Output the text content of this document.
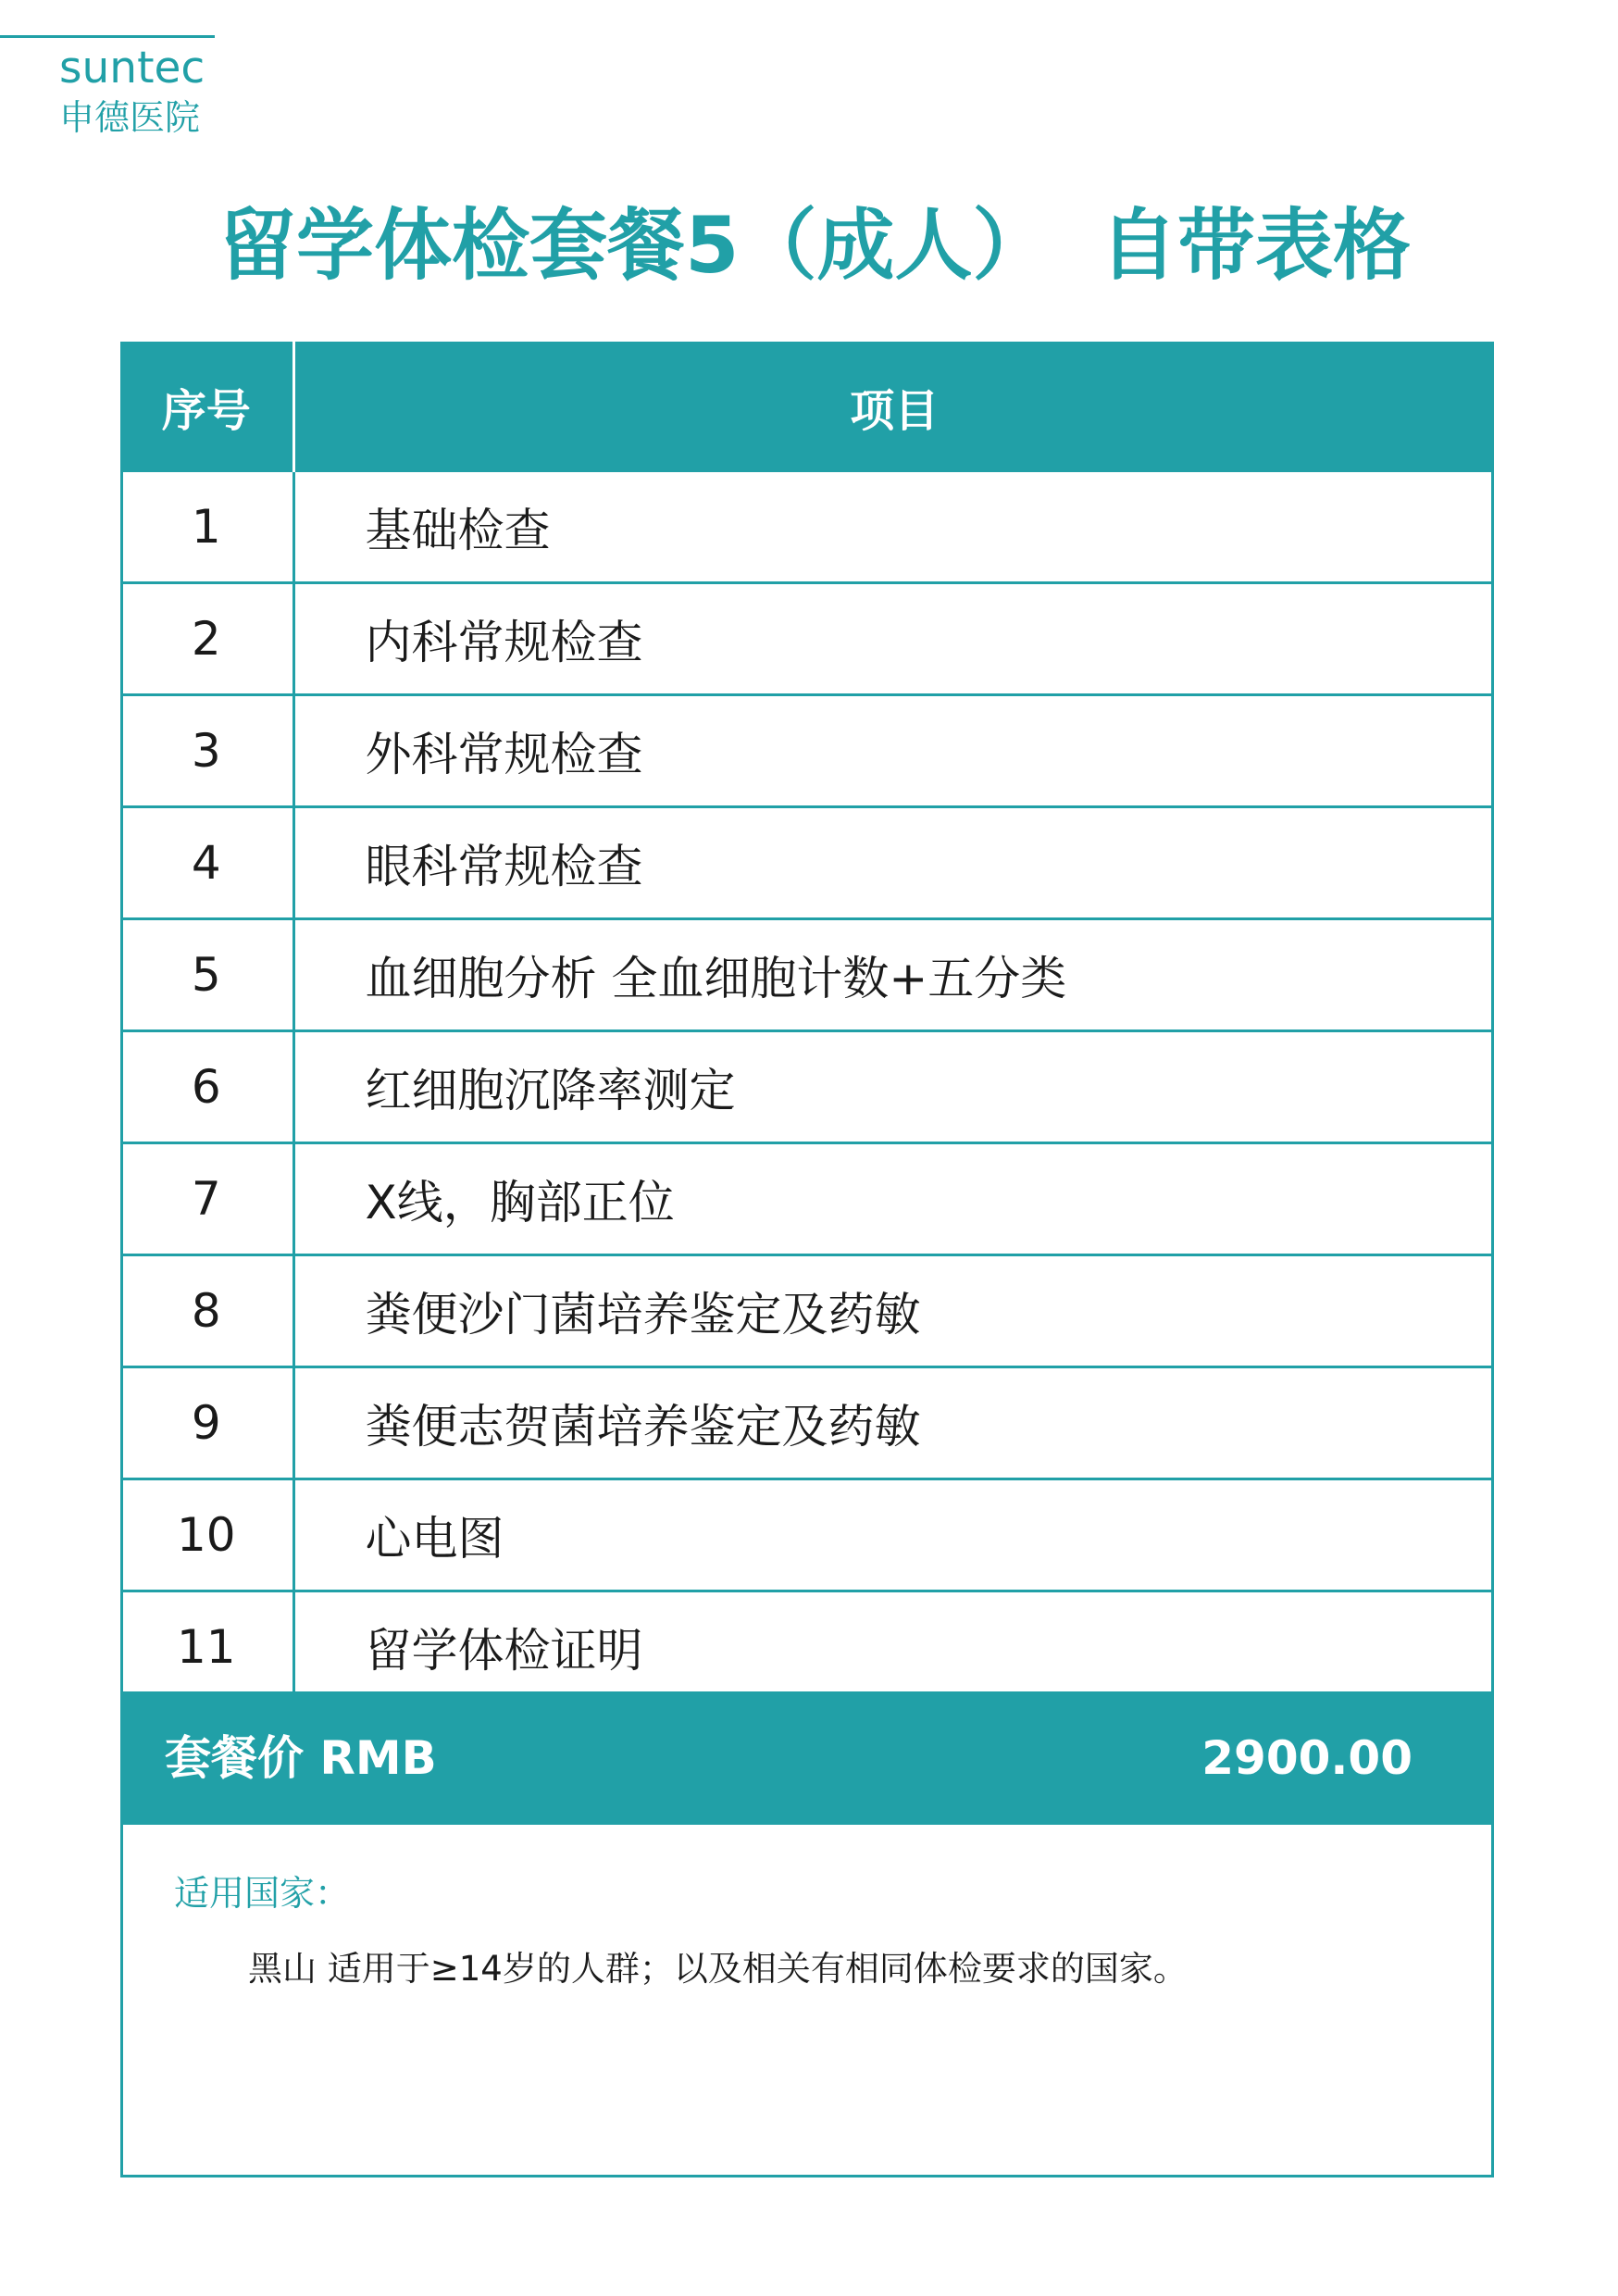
suntec
申德医院
留学体检套餐5（成人） 自带表格
序号	项目
1	基础检查
2	内科常规检查
3	外科常规检查
4	眼科常规检查
5	血细胞分析 全血细胞计数+五分类
6	红细胞沉降率测定
7	X线，胸部正位
8	粪便沙门菌培养鉴定及药敏
9	粪便志贺菌培养鉴定及药敏
10	心电图
11	留学体检证明
套餐价 RMB	2900.00
适用国家：
黑山 适用于≥14岁的人群；以及相关有相同体检要求的国家。
